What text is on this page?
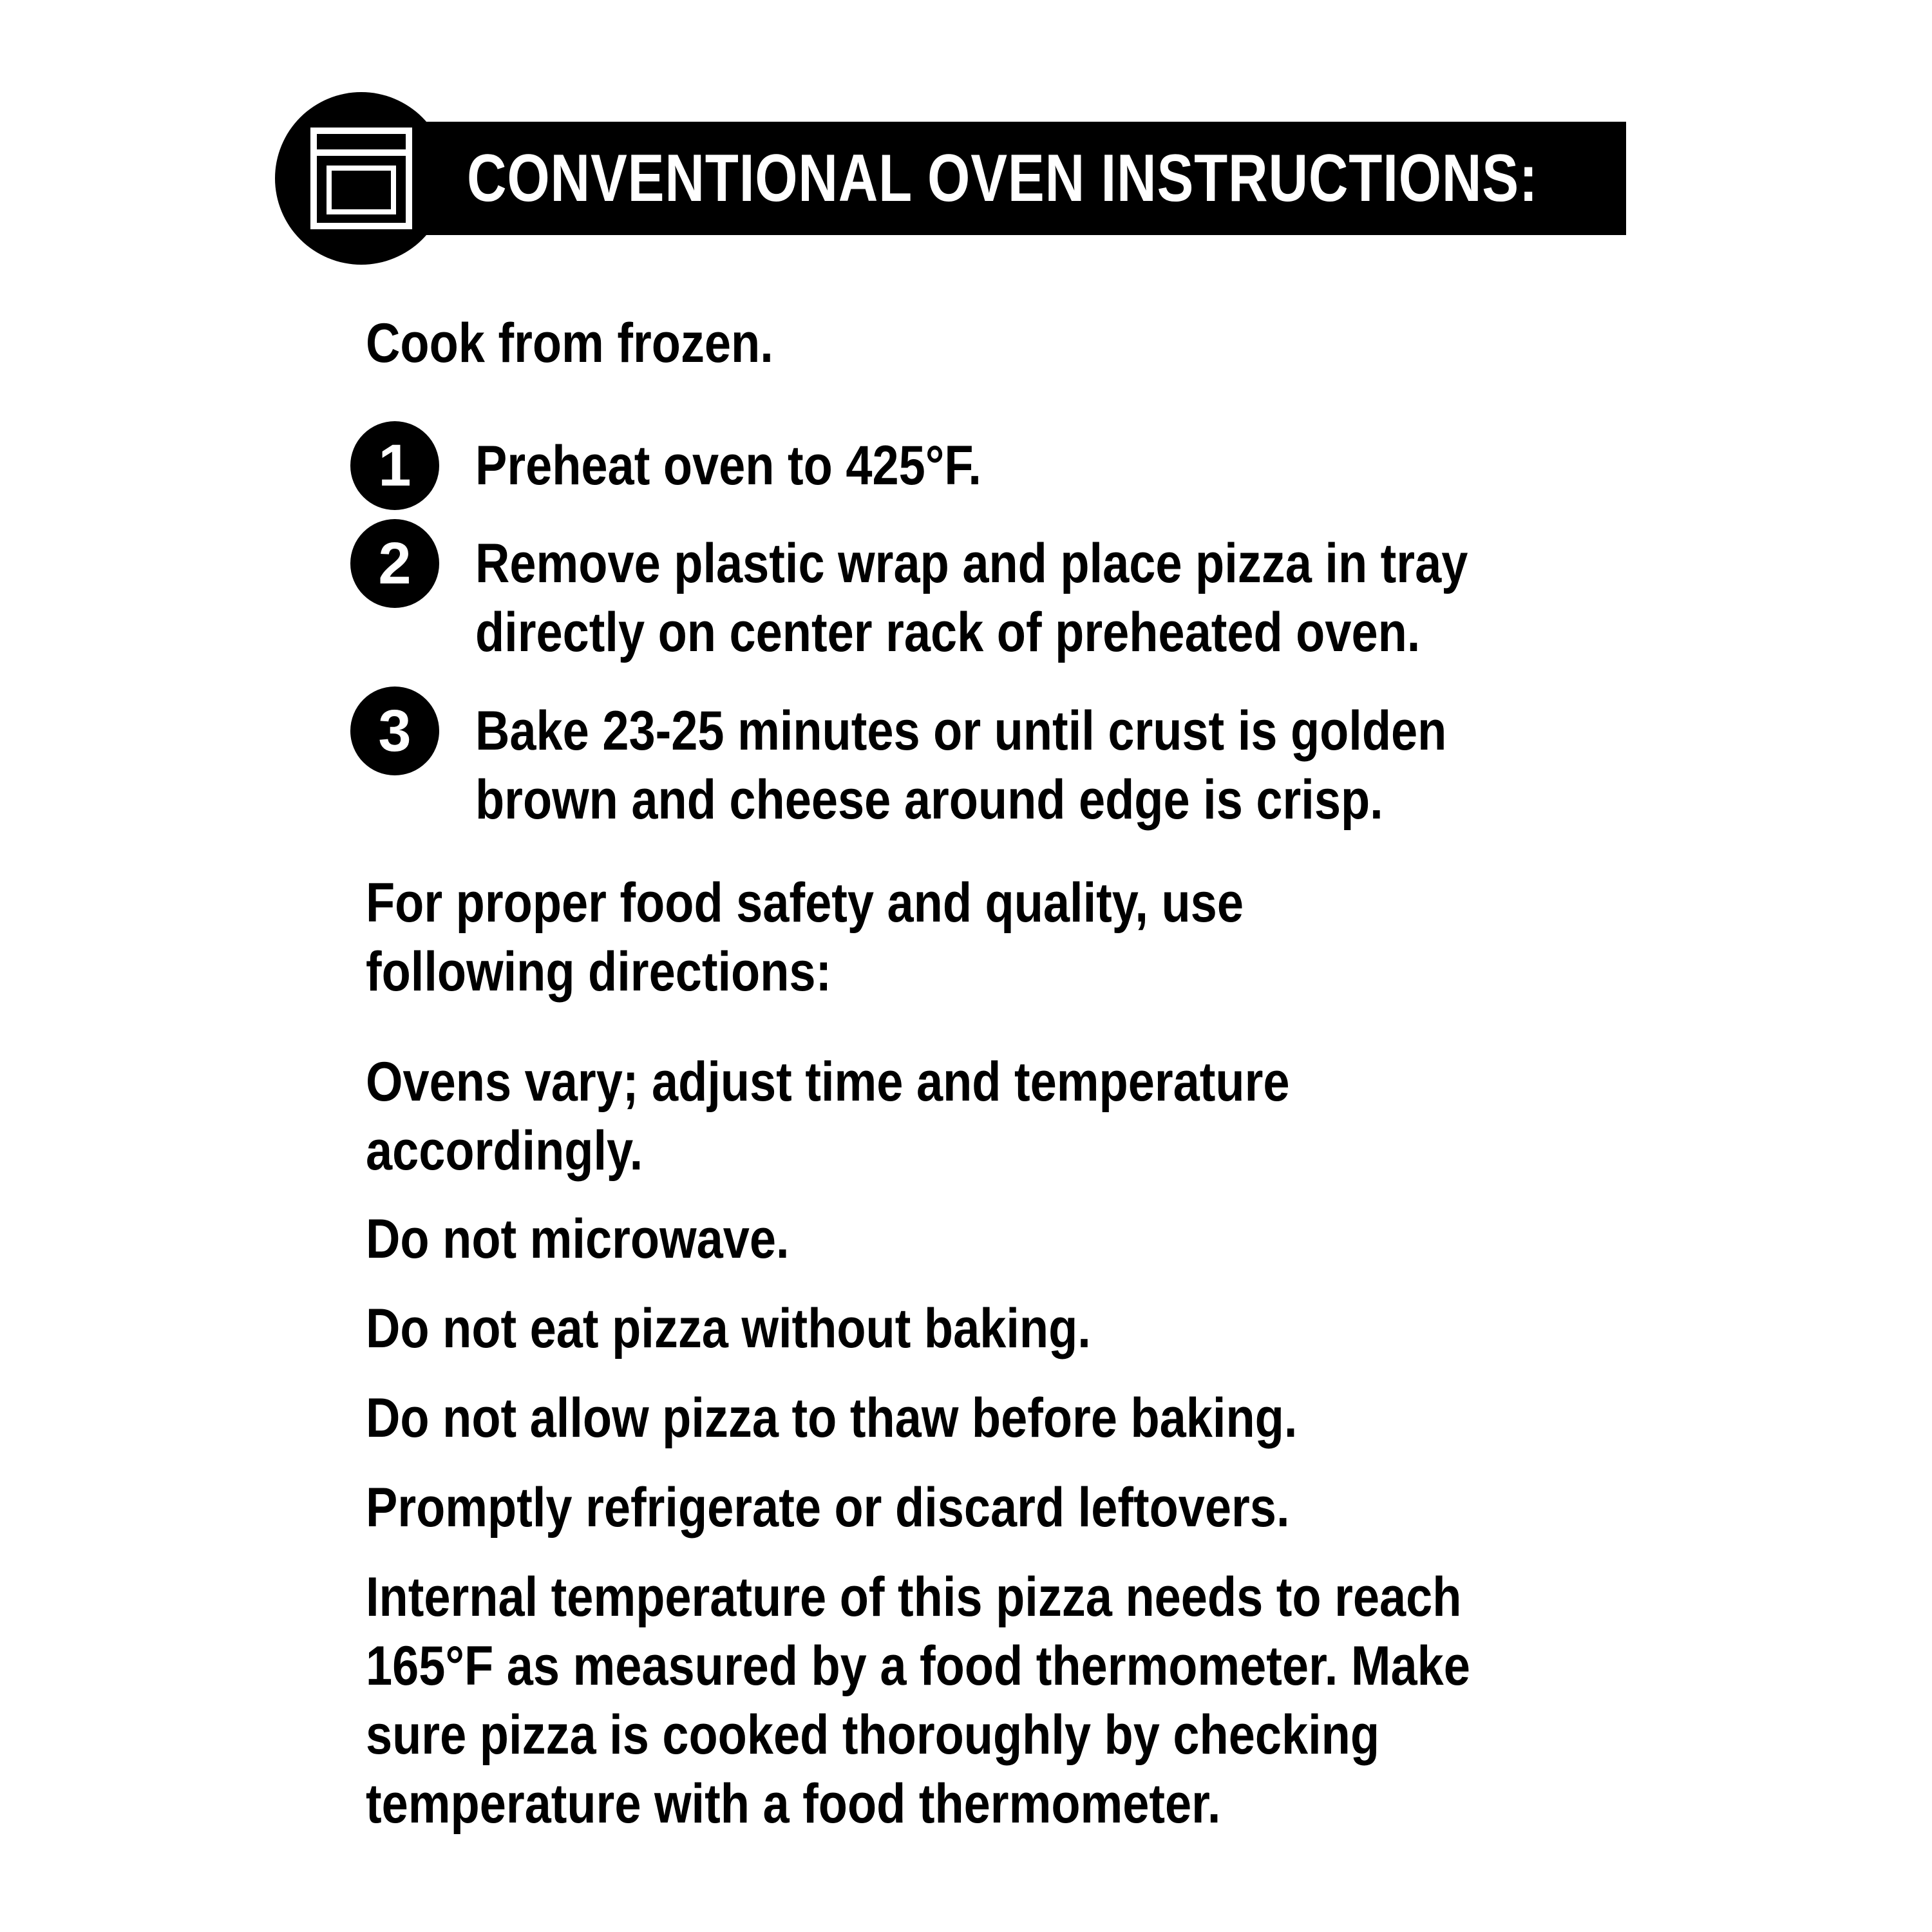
CONVENTIONAL OVEN INSTRUCTIONS:
Cook from frozen.
1	Preheat oven to 425°F.
2	Remove plastic wrap and place pizza in tray
directly on center rack of preheated oven.
3	Bake 23-25 minutes or until crust is golden
brown and cheese around edge is crisp.
For proper food safety and quality, use
following directions:
Ovens vary; adjust time and temperature
accordingly.
Do not microwave.
Do not eat pizza without baking.
Do not allow pizza to thaw before baking.
Promptly refrigerate or discard leftovers.
Internal temperature of this pizza needs to reach
165°F as measured by a food thermometer. Make
sure pizza is cooked thoroughly by checking
temperature with a food thermometer.
